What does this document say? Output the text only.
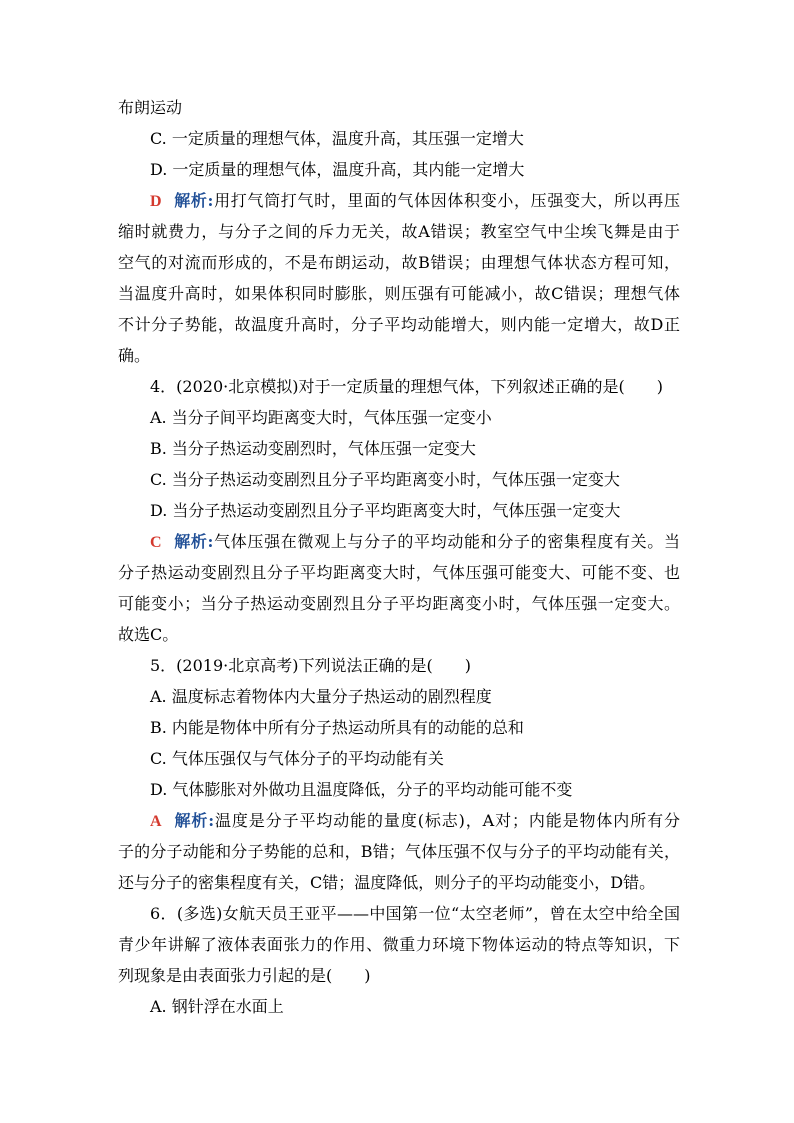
布朗运动
C. 一定质量的理想气体，温度升高，其压强一定增大
D. 一定质量的理想气体，温度升高，其内能一定增大
D 解析:用打气筒打气时，里面的气体因体积变小，压强变大，所以再压
缩时就费力，与分子之间的斥力无关，故A错误；教室空气中尘埃飞舞是由于
空气的对流而形成的，不是布朗运动，故B错误；由理想气体状态方程可知，
当温度升高时，如果体积同时膨胀，则压强有可能减小，故C错误；理想气体
不计分子势能，故温度升高时，分子平均动能增大，则内能一定增大，故D正
确。
4．(2020·北京模拟)对于一定质量的理想气体，下列叙述正确的是(　　)
A. 当分子间平均距离变大时，气体压强一定变小
B. 当分子热运动变剧烈时，气体压强一定变大
C. 当分子热运动变剧烈且分子平均距离变小时，气体压强一定变大
D. 当分子热运动变剧烈且分子平均距离变大时，气体压强一定变大
C 解析:气体压强在微观上与分子的平均动能和分子的密集程度有关。当
分子热运动变剧烈且分子平均距离变大时，气体压强可能变大、可能不变、也
可能变小；当分子热运动变剧烈且分子平均距离变小时，气体压强一定变大。
故选C。
5．(2019·北京高考)下列说法正确的是(　　)
A. 温度标志着物体内大量分子热运动的剧烈程度
B. 内能是物体中所有分子热运动所具有的动能的总和
C. 气体压强仅与气体分子的平均动能有关
D. 气体膨胀对外做功且温度降低，分子的平均动能可能不变
A 解析:温度是分子平均动能的量度(标志)，A对；内能是物体内所有分
子的分子动能和分子势能的总和，B错；气体压强不仅与分子的平均动能有关，
还与分子的密集程度有关，C错；温度降低，则分子的平均动能变小，D错。
6．(多选)女航天员王亚平——中国第一位“太空老师”，曾在太空中给全国
青少年讲解了液体表面张力的作用、微重力环境下物体运动的特点等知识，下
列现象是由表面张力引起的是(　　)
A. 钢针浮在水面上
